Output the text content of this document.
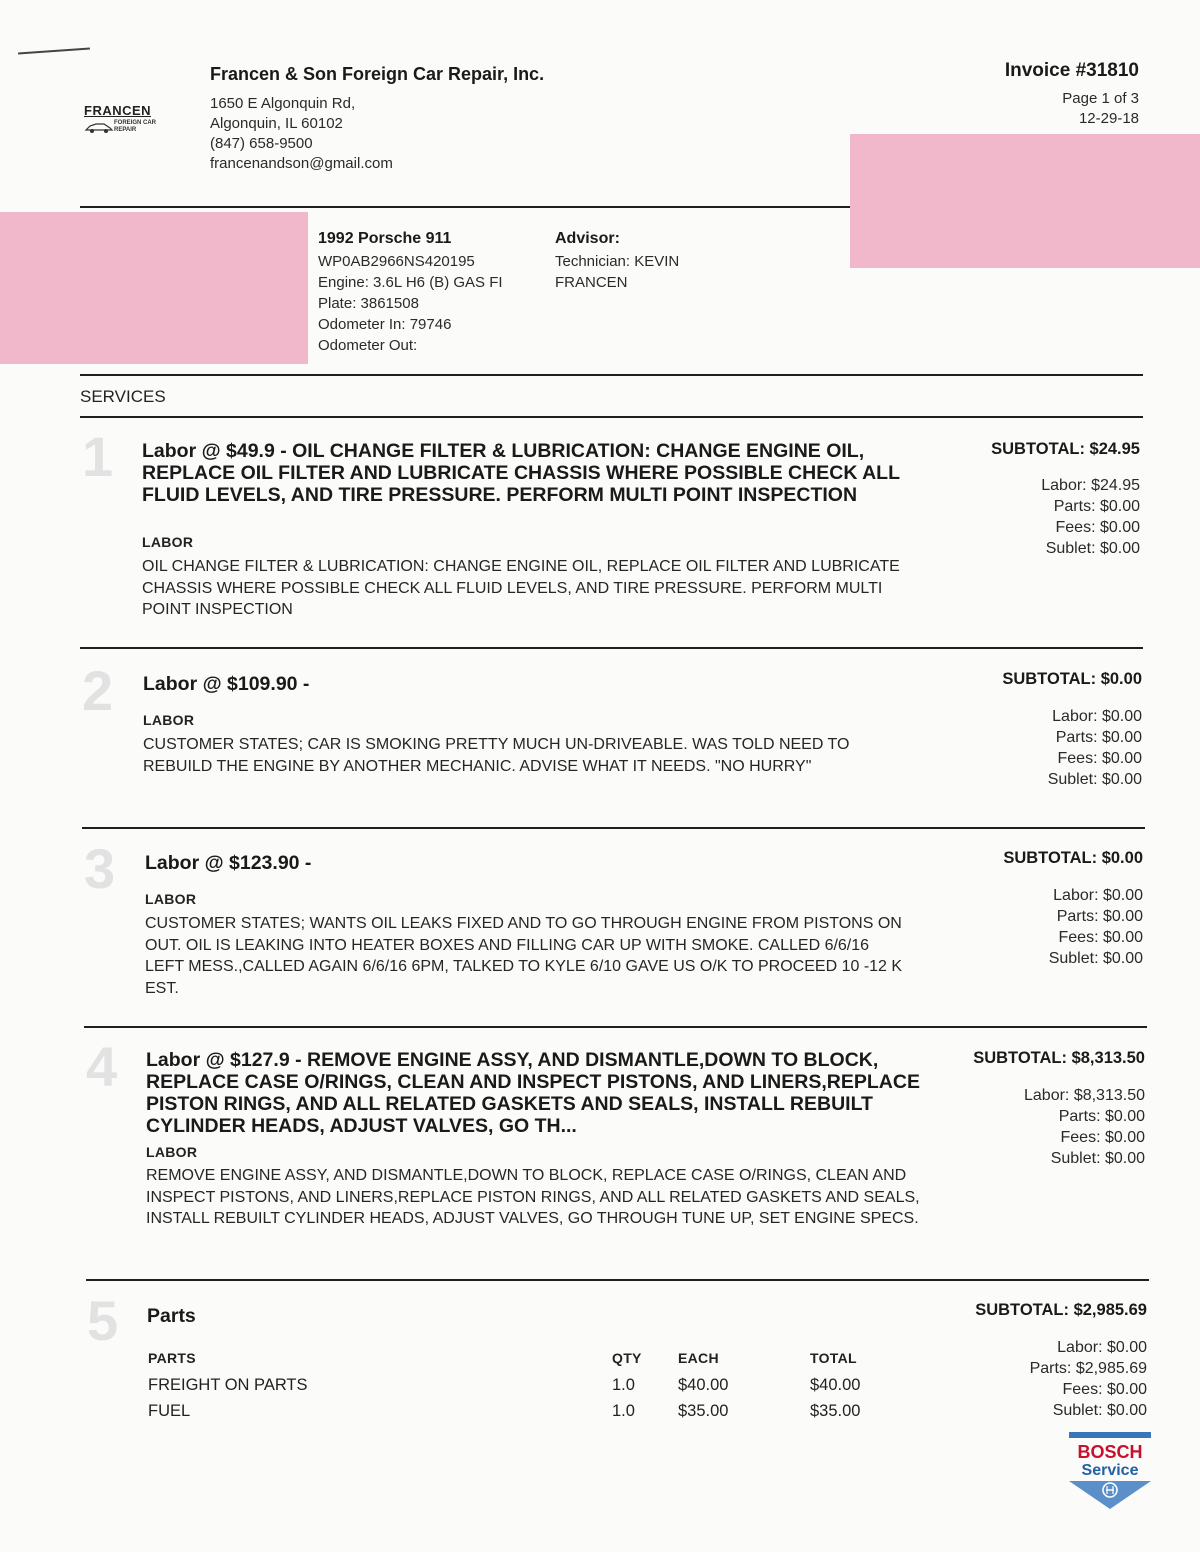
FRANCEN
FOREIGN CAR
REPAIR
Francen & Son Foreign Car Repair, Inc.
1650 E Algonquin Rd,
Algonquin, IL 60102
(847) 658-9500
francenandson@gmail.com
Invoice #31810
Page 1 of 3
12-29-18
1992 Porsche 911
WP0AB2966NS420195
Engine: 3.6L H6 (B) GAS FI
Plate: 3861508
Odometer In: 79746
Odometer Out:
Advisor:
Technician: KEVIN FRANCEN
SERVICES
1 Labor @ $49.9 - OIL CHANGE FILTER & LUBRICATION: CHANGE ENGINE OIL, REPLACE OIL FILTER AND LUBRICATE CHASSIS WHERE POSSIBLE CHECK ALL FLUID LEVELS, AND TIRE PRESSURE. PERFORM MULTI POINT INSPECTION
LABOR
OIL CHANGE FILTER & LUBRICATION: CHANGE ENGINE OIL, REPLACE OIL FILTER AND LUBRICATE CHASSIS WHERE POSSIBLE CHECK ALL FLUID LEVELS, AND TIRE PRESSURE. PERFORM MULTI POINT INSPECTION
SUBTOTAL: $24.95
Labor: $24.95
Parts: $0.00
Fees: $0.00
Sublet: $0.00
2 Labor @ $109.90 -
LABOR
CUSTOMER STATES; CAR IS SMOKING PRETTY MUCH UN-DRIVEABLE. WAS TOLD NEED TO REBUILD THE ENGINE BY ANOTHER MECHANIC. ADVISE WHAT IT NEEDS. "NO HURRY"
SUBTOTAL: $0.00
Labor: $0.00
Parts: $0.00
Fees: $0.00
Sublet: $0.00
3 Labor @ $123.90 -
LABOR
CUSTOMER STATES; WANTS OIL LEAKS FIXED AND TO GO THROUGH ENGINE FROM PISTONS ON OUT. OIL IS LEAKING INTO HEATER BOXES AND FILLING CAR UP WITH SMOKE. CALLED 6/6/16 LEFT MESS.,CALLED AGAIN 6/6/16 6PM, TALKED TO KYLE 6/10 GAVE US O/K TO PROCEED 10 -12 K EST.
SUBTOTAL: $0.00
Labor: $0.00
Parts: $0.00
Fees: $0.00
Sublet: $0.00
4 Labor @ $127.9 - REMOVE ENGINE ASSY, AND DISMANTLE,DOWN TO BLOCK, REPLACE CASE O/RINGS, CLEAN AND INSPECT PISTONS, AND LINERS,REPLACE PISTON RINGS, AND ALL RELATED GASKETS AND SEALS, INSTALL REBUILT CYLINDER HEADS, ADJUST VALVES, GO TH...
LABOR
REMOVE ENGINE ASSY, AND DISMANTLE,DOWN TO BLOCK, REPLACE CASE O/RINGS, CLEAN AND INSPECT PISTONS, AND LINERS,REPLACE PISTON RINGS, AND ALL RELATED GASKETS AND SEALS, INSTALL REBUILT CYLINDER HEADS, ADJUST VALVES, GO THROUGH TUNE UP, SET ENGINE SPECS.
SUBTOTAL: $8,313.50
Labor: $8,313.50
Parts: $0.00
Fees: $0.00
Sublet: $0.00
5 Parts	SUBTOTAL: $2,985.69
Labor: $0.00
Parts: $2,985.69
Fees: $0.00
Sublet: $0.00
PARTS	QTY	EACH	TOTAL
FREIGHT ON PARTS	1.0	$40.00	$40.00
FUEL	1.0	$35.00	$35.00
BOSCH
Service
